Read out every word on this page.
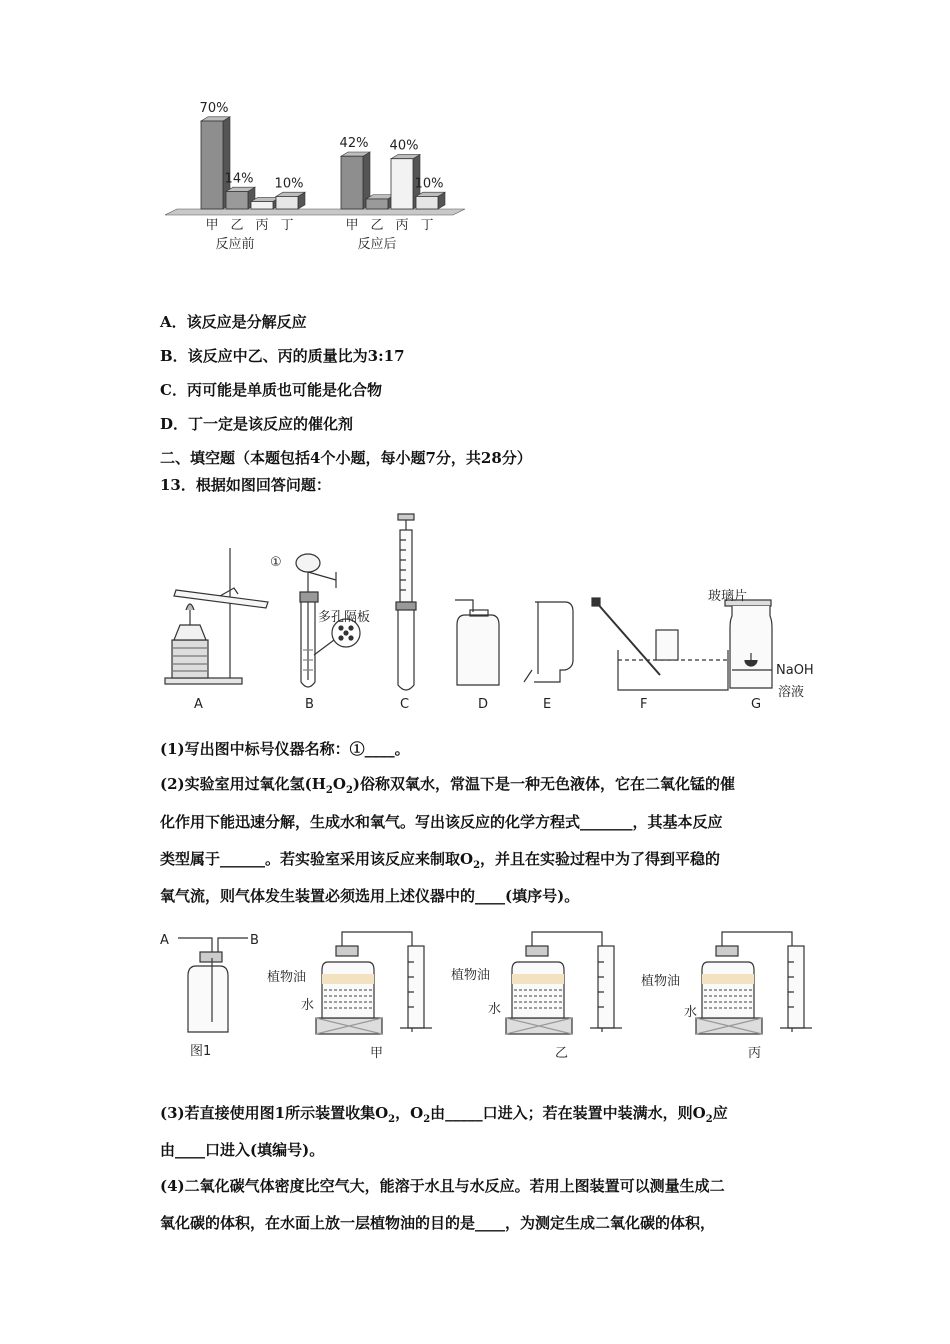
70%
14% 10%
42% 40%
10%
甲 乙 丙 丁	甲 乙 丙 丁
反应前	反应后
A．该反应是分解反应
B．该反应中乙、丙的质量比为3:17
C．丙可能是单质也可能是化合物
D．丁一定是该反应的催化剂
二、填空题（本题包括4个小题，每小题7分，共28分）
13．根据如图回答问题：
①
多孔隔板
玻璃片
NaOH
溶液
A	B	C	D	E	F	G
(1)写出图中标号仪器名称：①____。
(2)实验室用过氧化氢$(H_2O_2)$俗称双氧水，常温下是一种无色液体，它在二氧化锰的催
化作用下能迅速分解，生成水和氧气。写出该反应的化学方程式_______，其基本反应
类型属于______。若实验室采用该反应来制取$O_2$，并且在实验过程中为了得到平稳的
氧气流，则气体发生装置必须选用上述仪器中的____(填序号)。
A	B
图1
植物油
水
植物油
水
植物油
水
甲	乙	丙
(3)若直接使用图1所示装置收集$O_2$，$O_2$由_____口进入；若在装置中装满水，则$O_2$应
由____口进入(填编号)。
(4)二氧化碳气体密度比空气大，能溶于水且与水反应。若用上图装置可以测量生成二
氧化碳的体积，在水面上放一层植物油的目的是____，为测定生成二氧化碳的体积，
